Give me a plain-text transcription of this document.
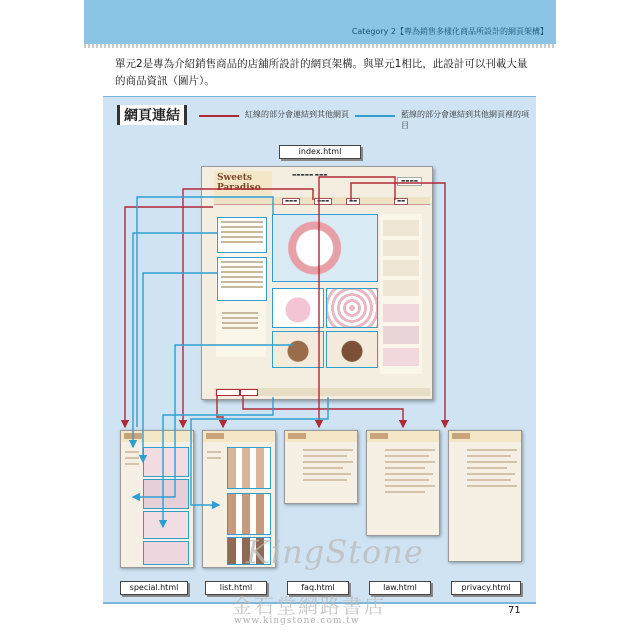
Category 2【專為銷售多樣化商品所設計的網頁架構】
單元2是專為介紹銷售商品的店舖所設計的網頁架構。與單元1相比，此設計可以刊載大量的商品資訊（圖片）。
網頁連結	紅線的部分會連結到其他網頁	藍線的部分會連結到其他網頁裡的項目
index.html
Sweets
Paradiso
▬▬▬▬▬ ▬▬▬
▬▬▬▬
▬▬▬	▬▬▬	▬▬	▬▬
special.html	list.html	faq.html	law.html	privacy.html
71
KingStone
金石堂網路書店
www.kingstone.com.tw
